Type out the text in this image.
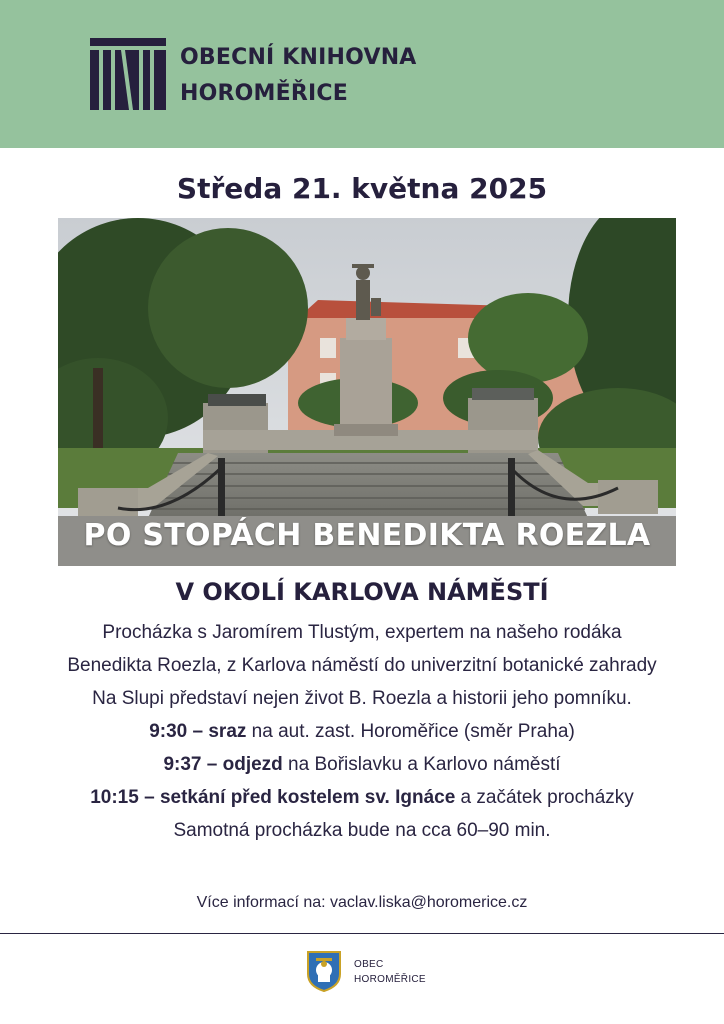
OBECNÍ KNIHOVNA
HOROMĚŘICE
Středa 21. května 2025
PO STOPÁCH BENEDIKTA ROEZLA
V OKOLÍ KARLOVA NÁMĚSTÍ
Procházka s Jaromírem Tlustým, expertem na našeho rodáka
Benedikta Roezla, z Karlova náměstí do univerzitní botanické zahrady
Na Slupi představí nejen život B. Roezla a historii jeho pomníku.
9:30 – sraz na aut. zast. Horoměřice (směr Praha)
9:37 – odjezd na Bořislavku a Karlovo náměstí
10:15 – setkání před kostelem sv. Ignáce a začátek procházky
Samotná procházka bude na cca 60–90 min.
Více informací na: vaclav.liska@horomerice.cz
OBEC
HOROMĚŘICE
